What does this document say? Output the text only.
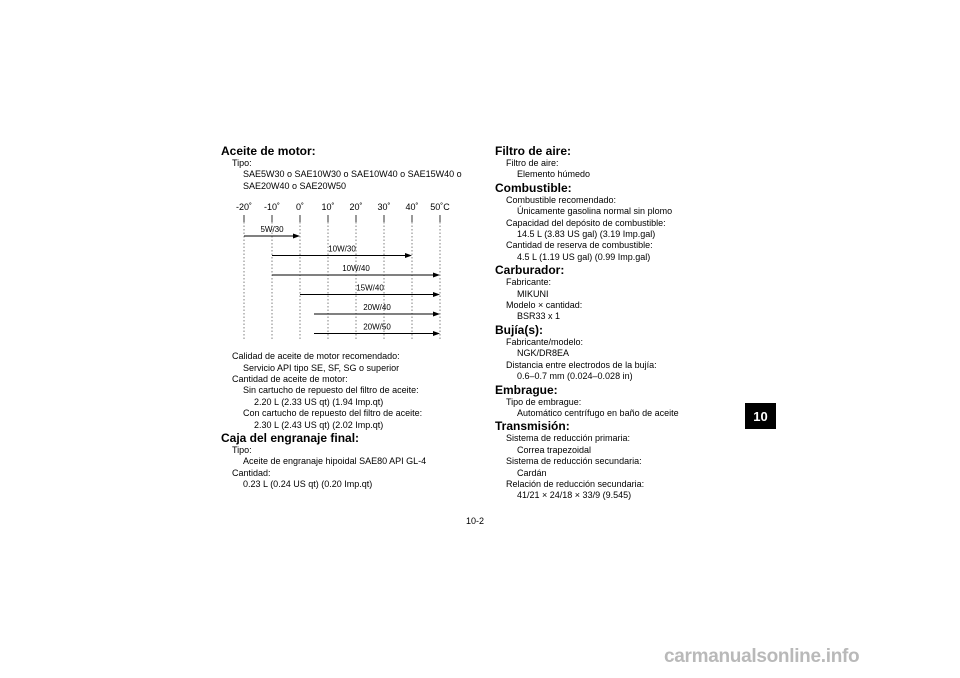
Aceite de motor:
Tipo:
SAE5W30 o SAE10W30 o SAE10W40 o SAE15W40 o
SAE20W40 o SAE20W50
-20˚ -10˚ 0˚ 10˚ 20˚ 30˚ 40˚ 50˚C
5W/30
10W/30
10W/40
15W/40
20W/40
20W/50
Calidad de aceite de motor recomendado:
Servicio API tipo SE, SF, SG o superior
Cantidad de aceite de motor:
Sin cartucho de repuesto del filtro de aceite:
2.20 L (2.33 US qt) (1.94 Imp.qt)
Con cartucho de repuesto del filtro de aceite:
2.30 L (2.43 US qt) (2.02 Imp.qt)
Caja del engranaje final:
Tipo:
Aceite de engranaje hipoidal SAE80 API GL-4
Cantidad:
0.23 L (0.24 US qt) (0.20 Imp.qt)
Filtro de aire:
Filtro de aire:
Elemento húmedo
Combustible:
Combustible recomendado:
Únicamente gasolina normal sin plomo
Capacidad del depósito de combustible:
14.5 L (3.83 US gal) (3.19 Imp.gal)
Cantidad de reserva de combustible:
4.5 L (1.19 US gal) (0.99 Imp.gal)
Carburador:
Fabricante:
MIKUNI
Modelo × cantidad:
BSR33 x 1
Bujía(s):
Fabricante/modelo:
NGK/DR8EA
Distancia entre electrodos de la bujía:
0.6–0.7 mm (0.024–0.028 in)
Embrague:
Tipo de embrague:
Automático centrífugo en baño de aceite
Transmisión:
Sistema de reducción primaria:
Correa trapezoidal
Sistema de reducción secundaria:
Cardán
Relación de reducción secundaria:
41/21 × 24/18 × 33/9 (9.545)
10
10-2
carmanualsonline.info
